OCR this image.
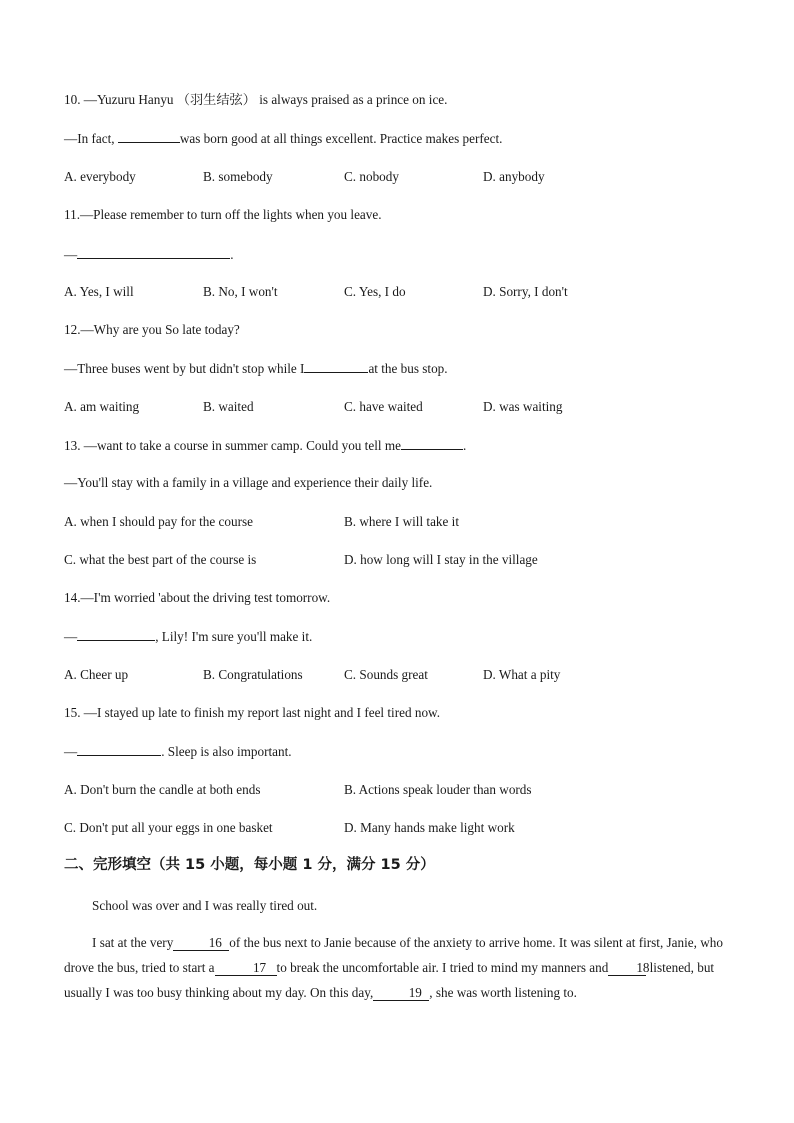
10. —Yuzuru Hanyu （羽生结弦） is always praised as a prince on ice.
—In fact,	was born good at all things excellent. Practice makes perfect.
A. everybody	B. somebody	C. nobody	D. anybody
11.—Please remember to turn off the lights when you leave.
—	.
A. Yes, I will	B. No, I won't	C. Yes, I do	D. Sorry, I don't
12.—Why are you So late today?
—Three buses went by but didn't stop while I	at the bus stop.
A. am waiting	B. waited	C. have waited	D. was waiting
13. —want to take a course in summer camp. Could you tell me	.
—You'll stay with a family in a village and experience their daily life.
A. when I should pay for the course	B. where I will take it
C. what the best part of the course is	D. how long will I stay in the village
14.—I'm worried 'about the driving test tomorrow.
—	, Lily! I'm sure you'll make it.
A. Cheer up	B. Congratulations	C. Sounds great	D. What a pity
15. —I stayed up late to finish my report last night and I feel tired now.
—	. Sleep is also important.
A. Don't burn the candle at both ends	B. Actions speak louder than words
C. Don't put all your eggs in one basket	D. Many hands make light work
二、完形填空（共 15 小题，每小题 1 分，满分 15 分）
School was over and I was really tired out.
I sat at the very	16 of the bus next to Janie because of the anxiety to arrive home. It was silent at first, Janie, who drove the bus, tried to start a	17 to break the uncomfortable air. I tried to mind my manners and 18 listened, but usually I was too busy thinking about my day. On this day,	19 , she was worth listening to.
